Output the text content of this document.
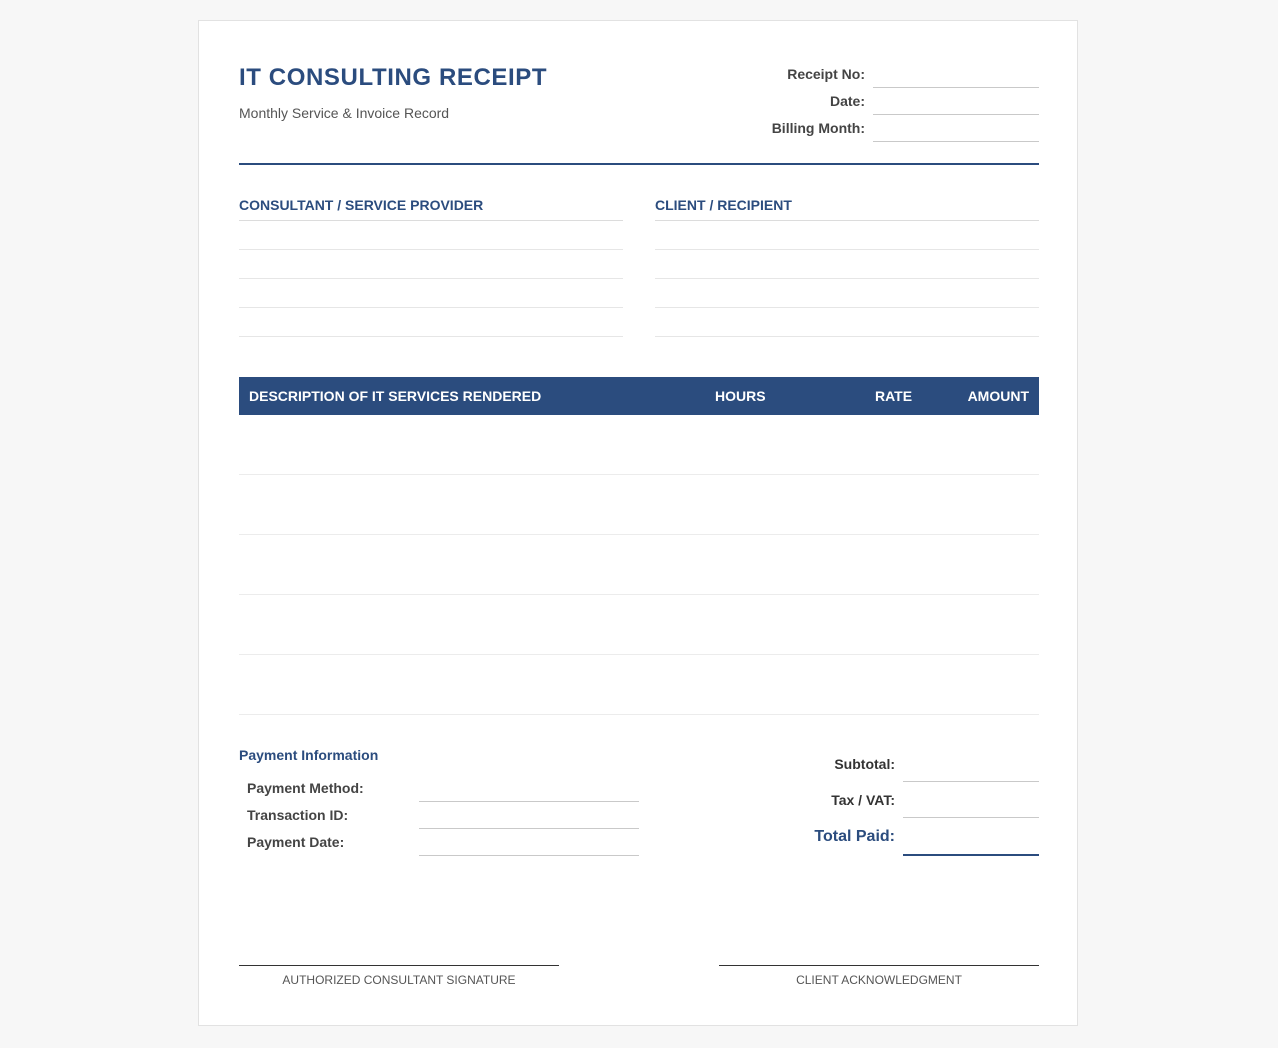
IT CONSULTING RECEIPT
Monthly Service & Invoice Record
Receipt No:
Date:
Billing Month:
CONSULTANT / SERVICE PROVIDER	CLIENT / RECIPIENT
DESCRIPTION OF IT SERVICES RENDERED	HOURS	RATE	AMOUNT
Payment Information
Payment Method:
Transaction ID:
Payment Date:
Subtotal:
Tax / VAT:
Total Paid:
AUTHORIZED CONSULTANT SIGNATURE	CLIENT ACKNOWLEDGMENT
